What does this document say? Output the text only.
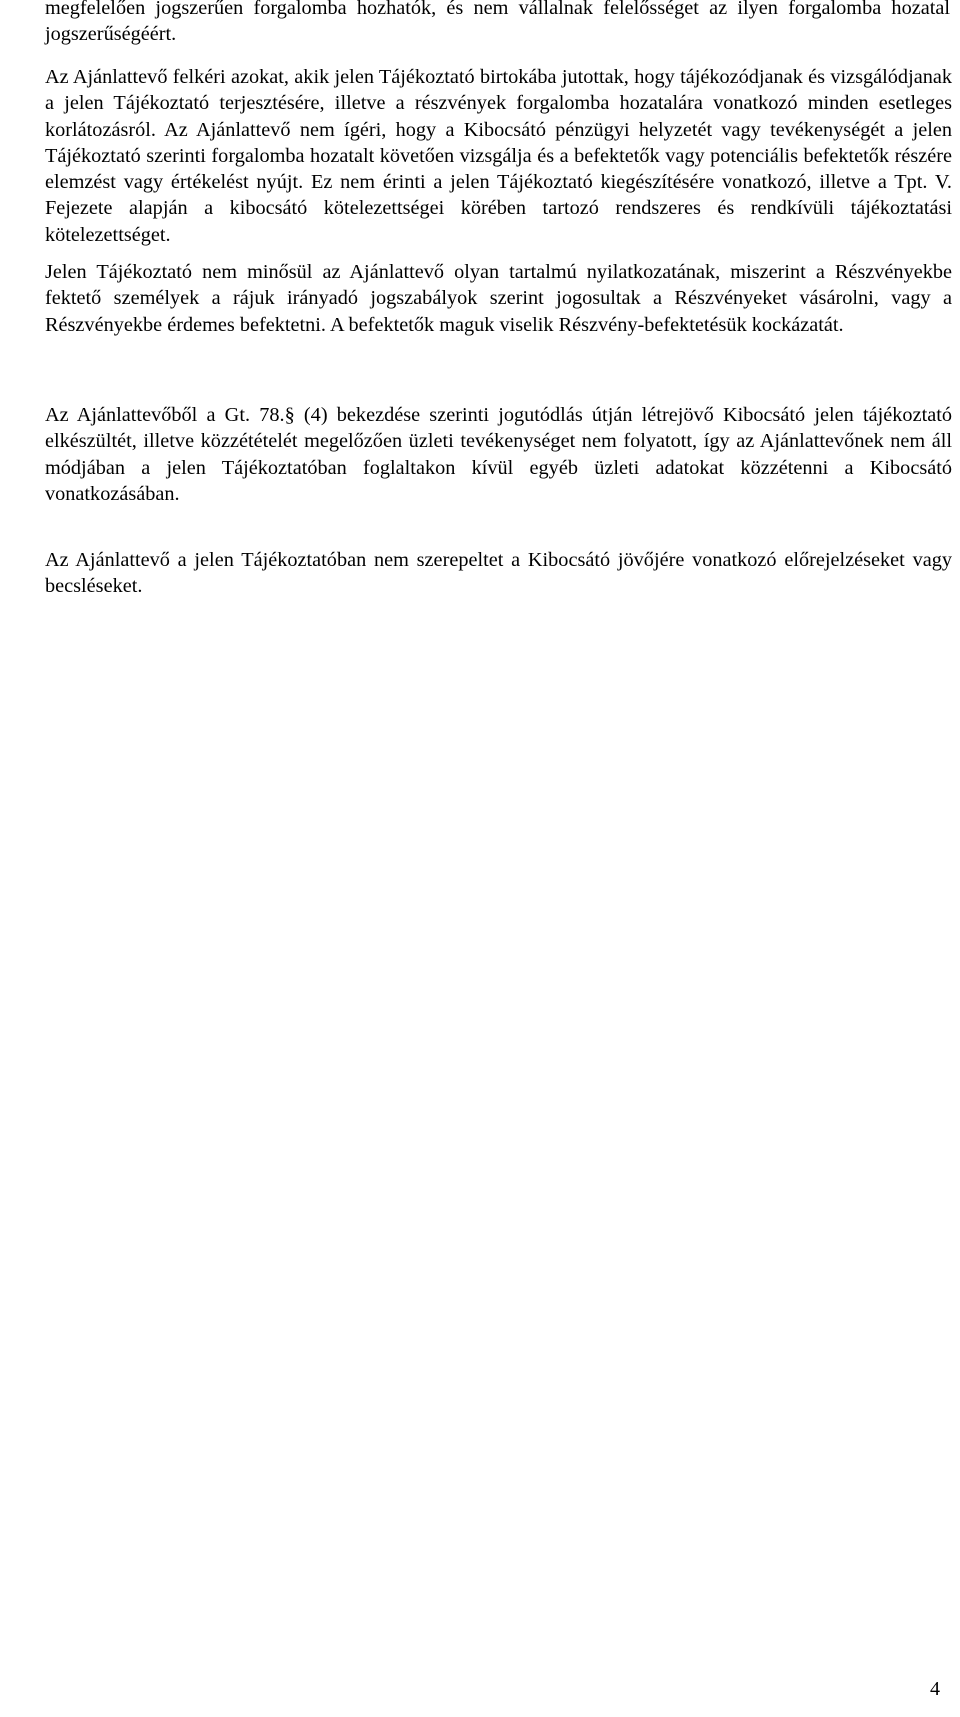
megfelelően jogszerűen forgalomba hozhatók, és nem vállalnak felelősséget az ilyen forgalomba hozatal jogszerűségéért.
Az Ajánlattevő felkéri azokat, akik jelen Tájékoztató birtokába jutottak, hogy tájékozódjanak és vizsgálódjanak a jelen Tájékoztató terjesztésére, illetve a részvények forgalomba hozatalára vonatkozó minden esetleges korlátozásról. Az Ajánlattevő nem ígéri, hogy a Kibocsátó pénzügyi helyzetét vagy tevékenységét a jelen Tájékoztató szerinti forgalomba hozatalt követően vizsgálja és a befektetők vagy potenciális befektetők részére elemzést vagy értékelést nyújt. Ez nem érinti a jelen Tájékoztató kiegészítésére vonatkozó, illetve a Tpt. V. Fejezete alapján a kibocsátó kötelezettségei körében tartozó rendszeres és rendkívüli tájékoztatási kötelezettséget.
Jelen Tájékoztató nem minősül az Ajánlattevő olyan tartalmú nyilatkozatának, miszerint a Részvényekbe fektető személyek a rájuk irányadó jogszabályok szerint jogosultak a Részvényeket vásárolni, vagy a Részvényekbe érdemes befektetni. A befektetők maguk viselik Részvény-befektetésük kockázatát.
Az Ajánlattevőből a Gt. 78.§ (4) bekezdése szerinti jogutódlás útján létrejövő Kibocsátó jelen tájékoztató elkészültét, illetve közzétételét megelőzően üzleti tevékenységet nem folyatott, így az Ajánlattevőnek nem áll módjában a jelen Tájékoztatóban foglaltakon kívül egyéb üzleti adatokat közzétenni a Kibocsátó vonatkozásában.
Az Ajánlattevő a jelen Tájékoztatóban nem szerepeltet a Kibocsátó jövőjére vonatkozó előrejelzéseket vagy becsléseket.
4
